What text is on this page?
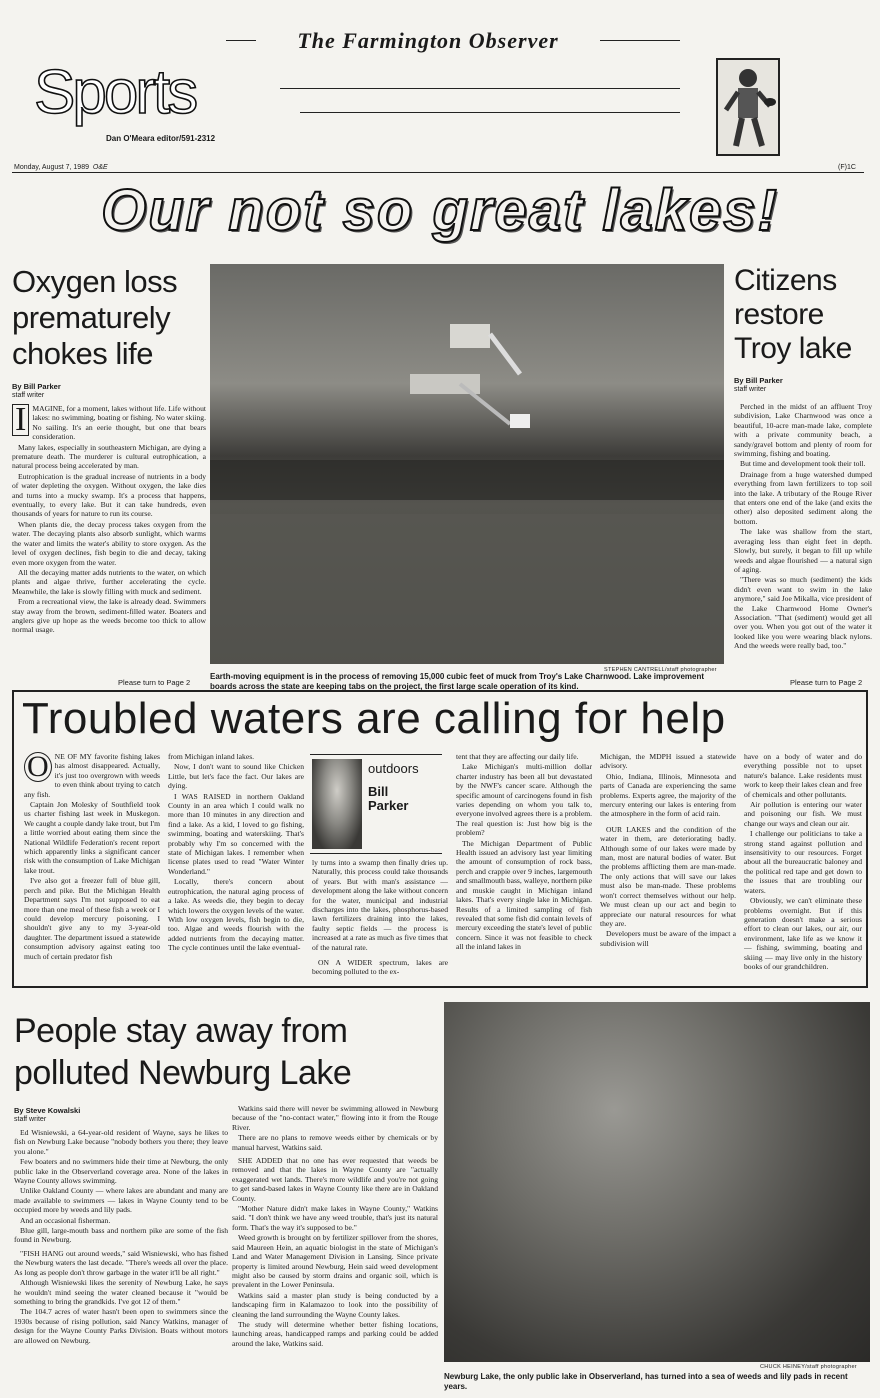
The Farmington Observer
Sports
Dan O'Meara editor/591-2312
Monday, August 7, 1989 O&E	(F)1C
Our not so great lakes!
Oxygen loss prematurely chokes life
By Bill Parker
staff writer
I MAGINE, for a moment, lakes without life. Life without lakes: no swimming, boating or fishing. No water skiing. No sailing. It's an eerie thought, but one that bears consideration.

Many lakes, especially in southeastern Michigan, are dying a premature death. The murderer is cultural eutrophication, a natural process being accelerated by man.

Eutrophication is the gradual increase of nutrients in a body of water depleting the oxygen. Without oxygen, the lake dies and turns into a mucky swamp. It's a process that happens, eventually, to every lake. But it can take hundreds, even thousands of years for nature to run its course.

When plants die, the decay process takes oxygen from the water. The decaying plants also absorb sunlight, which warms the water and limits the water's ability to store oxygen. As the level of oxygen declines, fish begin to die and decay, taking even more oxygen from the water.

All the decaying matter adds nutrients to the water, on which plants and algae thrive, further accelerating the cycle. Meanwhile, the lake is slowly filling with muck and sediment.

From a recreational view, the lake is already dead. Swimmers stay away from the brown, sediment-filled water. Boaters and anglers give up hope as the weeds become too thick to allow normal usage.

Please turn to Page 2
STEPHEN CANTRELL/staff photographer
Earth-moving equipment is in the process of removing 15,000 cubic feet of muck from Troy's Lake Charnwood. Lake improvement boards across the state are keeping tabs on the project, the first large scale operation of its kind.
Citizens restore Troy lake
By Bill Parker
staff writer

Perched in the midst of an affluent Troy subdivision, Lake Charnwood was once a beautiful, 10-acre man-made lake, complete with a private community beach, a sandy/gravel bottom and plenty of room for swimming, fishing and boating.

But time and development took their toll.

Drainage from a huge watershed dumped everything from lawn fertilizers to top soil into the lake. A tributary of the Rouge River that enters one end of the lake (and exits the other) also deposited sediment along the bottom.

The lake was shallow from the start, averaging less than eight feet in depth. Slowly, but surely, it began to fill up while weeds and algae flourished — a natural sign of aging.

"There was so much (sediment) the kids didn't even want to swim in the lake anymore," said Joe Mikalla, vice president of the Lake Charnwood Home Owner's Association. "That (sediment) would get all over you. When you got out of the water it looked like you were wearing black nylons. And the weeds were really bad, too."

Please turn to Page 2
Troubled waters are calling for help
O NE OF MY favorite fishing lakes has almost disappeared. Actually, it's just too overgrown with weeds to even think about trying to catch any fish.

Captain Jon Molesky of Southfield took us charter fishing last week in Muskegon. We caught a couple dandy lake trout, but I'm a little worried about eating them since the National Wildlife Federation's recent report which apparently links a significant cancer risk with the consumption of Lake Michigan lake trout.

I've also got a freezer full of blue gill, perch and pike. But the Michigan Health Department says I'm not supposed to eat more than one meal of these fish a week or I could develop mercury poisoning. I shouldn't give any to my 3-year-old daughter. The department issued a statewide consumption advisory against eating too much of certain predator fish

from Michigan inland lakes.

Now, I don't want to sound like Chicken Little, but let's face the fact. Our lakes are dying.

I WAS RAISED in northern Oakland County in an area which I could walk no more than 10 minutes in any direction and find a lake. As a kid, I loved to go fishing, swimming, boating and waterskiing. That's probably why I'm so concerned with the state of Michigan lakes. I remember when license plates used to read "Water Winter Wonderland."

Locally, there's concern about eutrophication, the natural aging process of a lake. As weeds die, they begin to decay which lowers the oxygen levels of the water. With low oxygen levels, fish begin to die, too. Algae and weeds flourish with the added nutrients from the decaying matter. The cycle continues until the lake eventual-

outdoors
Bill
Parker

ly turns into a swamp then finally dries up. Naturally, this process could take thousands of years. But with man's assistance — development along the lake without concern for the water, municipal and industrial discharges into the lakes, phosphorus-based lawn fertilizers draining into the lakes, faulty septic fields — the process is increased at a rate as much as five times that of the natural rate.

ON A WIDER spectrum, lakes are becoming polluted to the ex-

tent that they are affecting our daily life.

Lake Michigan's multi-million dollar charter industry has been all but devastated by the NWF's cancer scare. Although the specific amount of carcinogens found in fish varies depending on whom you talk to, everyone involved agrees there is a problem. The real question is: Just how big is the problem?

The Michigan Department of Public Health issued an advisory last year limiting the amount of consumption of rock bass, perch and crappie over 9 inches, largemouth and smallmouth bass, walleye, northern pike and muskie caught in Michigan inland lakes. That's every single lake in Michigan. Results of a limited sampling of fish revealed that some fish did contain levels of mercury exceeding the state's level of public concern. Since it was not feasible to check all the inland lakes in

Michigan, the MDPH issued a statewide advisory.

Ohio, Indiana, Illinois, Minnesota and parts of Canada are experiencing the same problems. Experts agree, the majority of the mercury entering our lakes is entering from the atmosphere in the form of acid rain.

OUR LAKES and the condition of the water in them, are deteriorating badly. Although some of our lakes were made by man, most are natural bodies of water. But the problems afflicting them are man-made. The only actions that will save our lakes must also be man-made. These problems won't correct themselves without our help. We must clean up our act and begin to appreciate our natural resources for what they are.

Developers must be aware of the impact a subdivision will

have on a body of water and do everything possible not to upset nature's balance. Lake residents must work to keep their lakes clean and free of chemicals and other pollutants.

Air pollution is entering our water and poisoning our fish. We must change our ways and clean our air.

I challenge our politicians to take a strong stand against pollution and insensitivity to our resources. Forget about all the bureaucratic baloney and the political red tape and get down to the issues that are troubling our waters.

Obviously, we can't eliminate these problems overnight. But if this generation doesn't make a serious effort to clean our lakes, our air, our environment, lake life as we know it — fishing, swimming, boating and skiing — may live only in the history books of our grandchildren.

People stay away from polluted Newburg Lake
By Steve Kowalski
staff writer

Ed Wisniewski, a 64-year-old resident of Wayne, says he likes to fish on Newburg Lake because "nobody bothers you there; they leave you alone."

Few boaters and no swimmers hide their time at Newburg, the only public lake in the Observerland coverage area. None of the lakes in Wayne County allows swimming.

Unlike Oakland County — where lakes are abundant and many are made available to swimmers — lakes in Wayne County tend to be occupied more by weeds and lily pads.

And an occasional fisherman.

Blue gill, large-mouth bass and northern pike are some of the fish found in Newburg.

"FISH HANG out around weeds," said Wisniewski, who has fished the Newburg waters the last decade. "There's weeds all over the place. As long as people don't throw garbage in the water it'll be all right."

Although Wisniewski likes the serenity of Newburg Lake, he says he wouldn't mind seeing the water cleaned because it "would be something to bring the grandkids. I've got 12 of them."

The 104.7 acres of water hasn't been open to swimmers since the 1930s because of rising pollution, said Nancy Watkins, manager of design for the Wayne County Parks Division. Boats without motors are allowed on Newburg.

Watkins said there will never be swimming allowed in Newburg because of the "no-contact water," flowing into it from the Rouge River.

There are no plans to remove weeds either by chemicals or by manual harvest, Watkins said.

SHE ADDED that no one has ever requested that weeds be removed and that the lakes in Wayne County are "actually exaggerated wet lands. There's more wildlife and you're not going to get sand-based lakes in Wayne County like there are in Oakland County.

"Mother Nature didn't make lakes in Wayne County," Watkins said. "I don't think we have any weed trouble, that's just its natural form. That's the way it's supposed to be."

Weed growth is brought on by fertilizer spillover from the shores, said Maureen Hein, an aquatic biologist in the state of Michigan's Land and Water Management Division in Lansing. Since private property is limited around Newburg, Hein said weed development might also be caused by storm drains and organic soil, which is prevalent in the Lower Peninsula.

Watkins said a master plan study is being conducted by a landscaping firm in Kalamazoo to look into the possibility of cleaning the land surrounding the Wayne County lakes.

The study will determine whether better fishing locations, launching areas, handicapped ramps and parking could be added around the lake, Watkins said.

CHUCK HEINEY/staff photographer
Newburg Lake, the only public lake in Observerland, has turned into a sea of weeds and lily pads in recent years.
